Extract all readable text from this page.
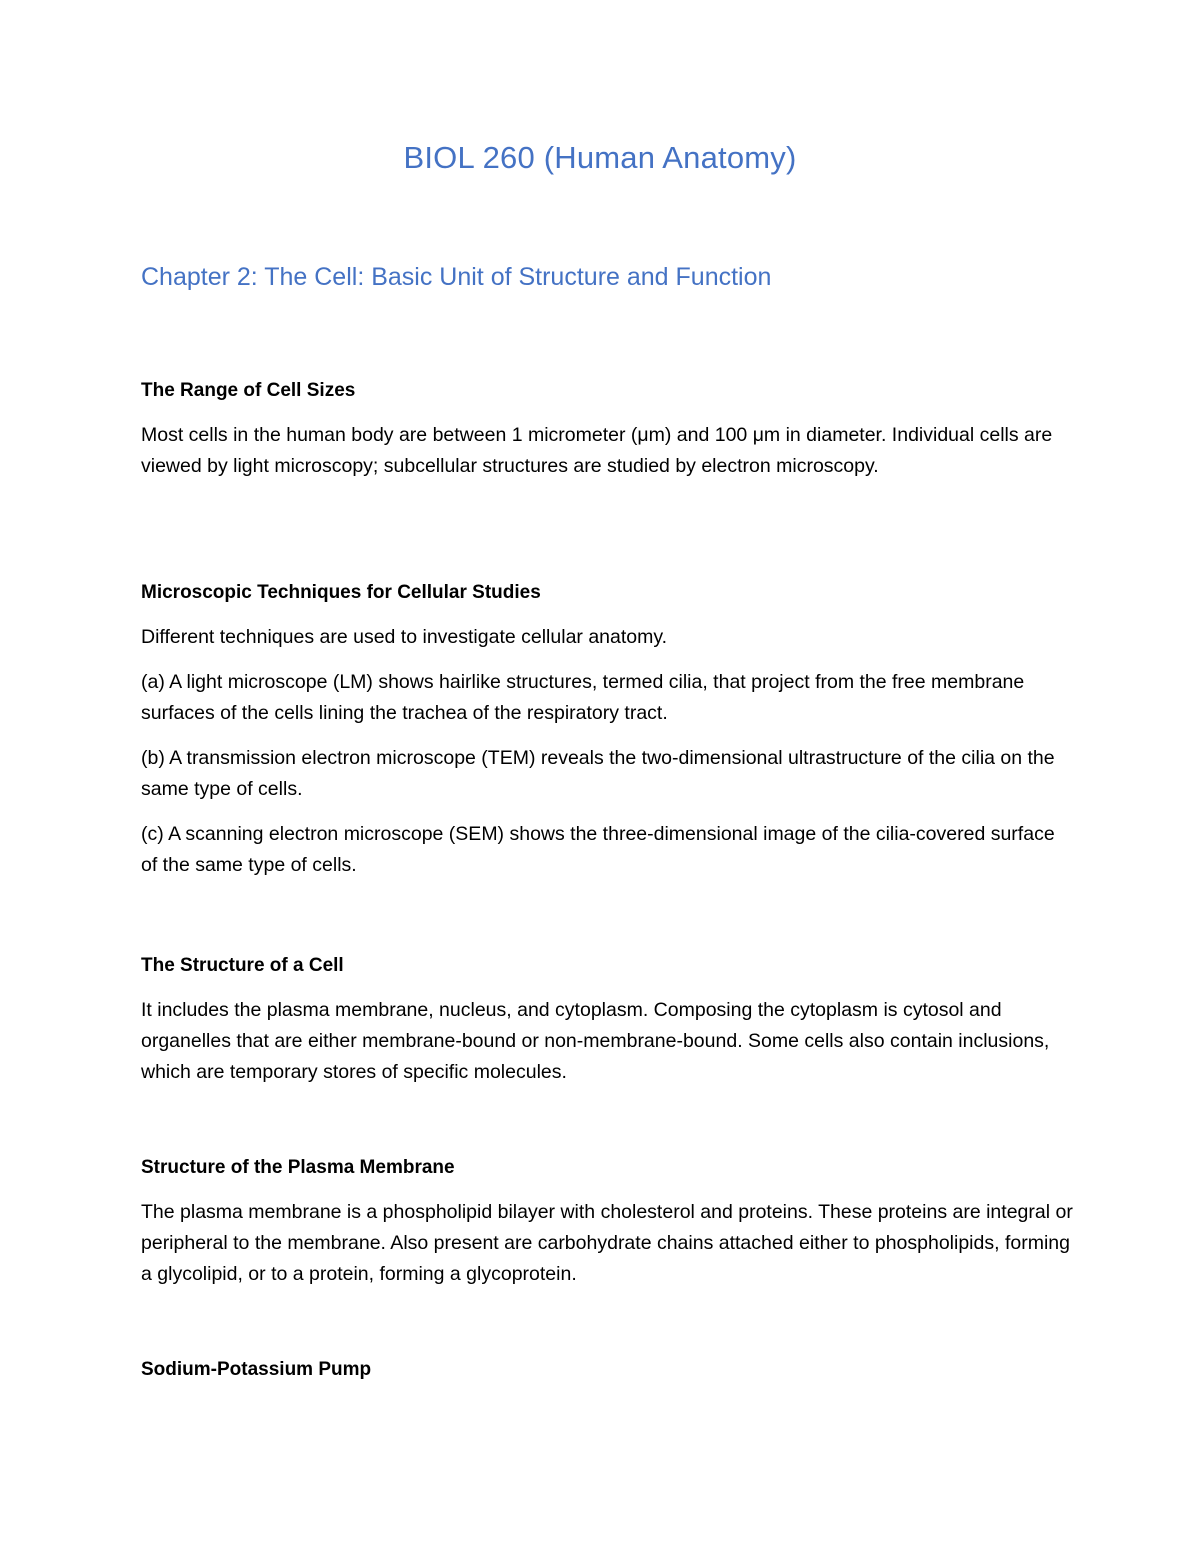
BIOL 260 (Human Anatomy)
Chapter 2: The Cell: Basic Unit of Structure and Function
The Range of Cell Sizes

Most cells in the human body are between 1 micrometer (μm) and 100 μm in diameter. Individual cells are viewed by light microscopy; subcellular structures are studied by electron microscopy.

Microscopic Techniques for Cellular Studies

Different techniques are used to investigate cellular anatomy.

(a) A light microscope (LM) shows hairlike structures, termed cilia, that project from the free membrane surfaces of the cells lining the trachea of the respiratory tract.

(b) A transmission electron microscope (TEM) reveals the two-dimensional ultrastructure of the cilia on the same type of cells.

(c) A scanning electron microscope (SEM) shows the three-dimensional image of the cilia-covered surface of the same type of cells.

The Structure of a Cell

It includes the plasma membrane, nucleus, and cytoplasm. Composing the cytoplasm is cytosol and organelles that are either membrane-bound or non-membrane-bound. Some cells also contain inclusions, which are temporary stores of specific molecules.

Structure of the Plasma Membrane

The plasma membrane is a phospholipid bilayer with cholesterol and proteins. These proteins are integral or peripheral to the membrane. Also present are carbohydrate chains attached either to phospholipids, forming a glycolipid, or to a protein, forming a glycoprotein.

Sodium-Potassium Pump
